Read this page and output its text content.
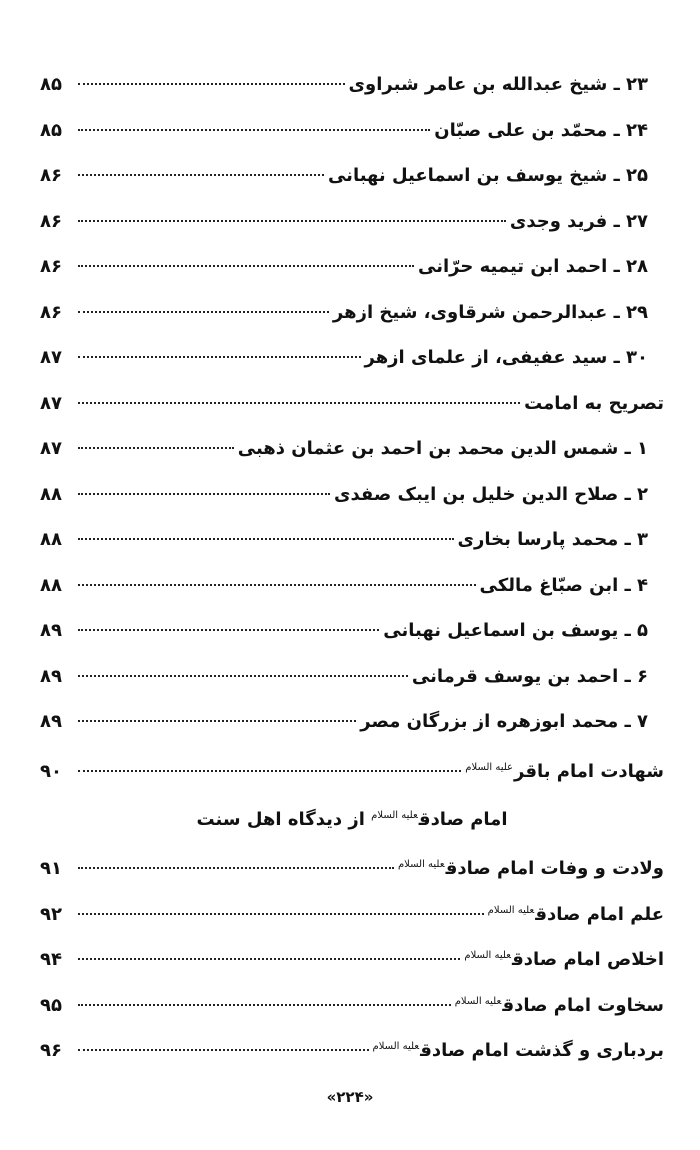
۲۳ ـ شیخ عبدالله بن عامر شبراوی
۸۵
۲۴ ـ محمّد بن علی صبّان
۸۵
۲۵ ـ شیخ یوسف بن اسماعیل نهبانی
۸۶
۲۷ ـ فرید وجدی
۸۶
۲۸ ـ احمد ابن تیمیه حرّانی
۸۶
۲۹ ـ عبدالرحمن شرقاوی، شیخ ازهر
۸۶
۳۰ ـ سید عفیفی، از علمای ازهر
۸۷
تصریح به امامت
۸۷
۱ ـ شمس الدین محمد بن احمد بن عثمان ذهبی
۸۷
۲ ـ صلاح الدین خلیل بن ایبک صفدی
۸۸
۳ ـ محمد پارسا بخاری
۸۸
۴ ـ ابن صبّاغ مالکی
۸۸
۵ ـ یوسف بن اسماعیل نهبانی
۸۹
۶ ـ احمد بن یوسف قرمانی
۸۹
۷ ـ محمد ابوزهره از بزرگان مصر
۸۹
شهادت امام باقر$^{علیه السلام}$
۹۰
امام صادق$^{علیه السلام}$ از دیدگاه اهل سنت
ولادت و وفات امام صادق$^{علیه السلام}$
۹۱
علم امام صادق$^{علیه السلام}$
۹۲
اخلاص امام صادق$^{علیه السلام}$
۹۴
سخاوت امام صادق$^{علیه السلام}$
۹۵
بردباری و گذشت امام صادق$^{علیه السلام}$
۹۶
«۲۲۴»
